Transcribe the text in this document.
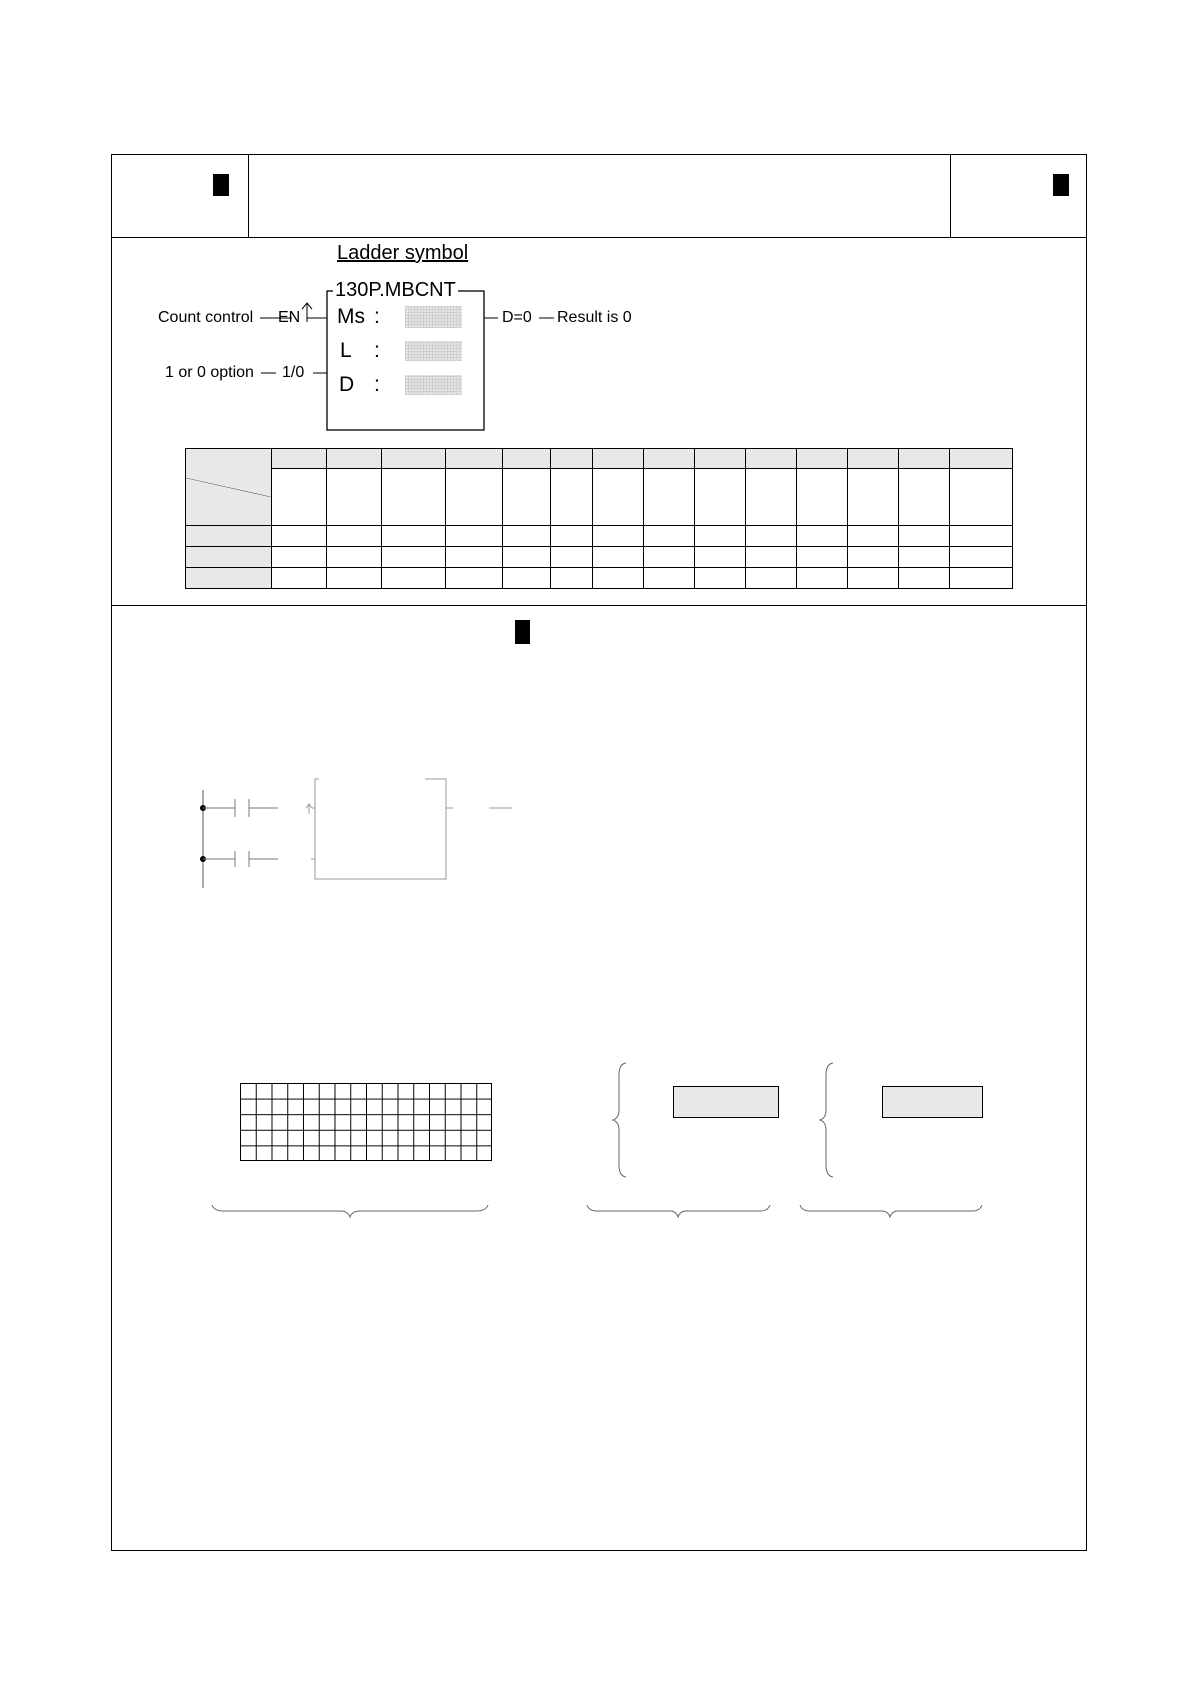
Ladder symbol
130P.MBCNT
Count control EN
1 or 0 option 1/0
Ms :
L :
D :
D=0 Result is 0
